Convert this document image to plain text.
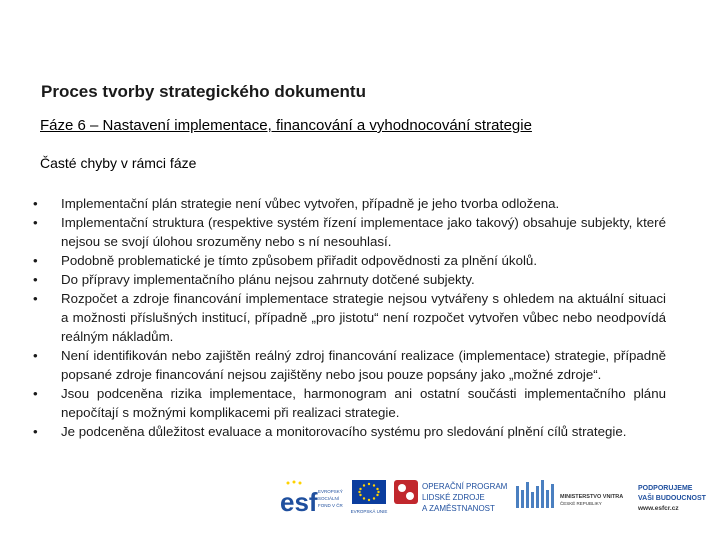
Proces tvorby strategického dokumentu
Fáze 6 – Nastavení implementace, financování a vyhodnocování strategie
Časté chyby v rámci fáze
• Implementační plán strategie není vůbec vytvořen, případně je jeho tvorba odložena.
• Implementační struktura (respektive systém řízení implementace jako takový) obsahuje subjekty, které nejsou se svojí úlohou srozuměny nebo s ní nesouhlasí.
• Podobně problematické je tímto způsobem přiřadit odpovědnosti za plnění úkolů.
• Do přípravy implementačního plánu nejsou zahrnuty dotčené subjekty.
• Rozpočet a zdroje financování implementace strategie nejsou vytvářeny s ohledem na aktuální situaci a možnosti příslušných institucí, případně „pro jistotu“ není rozpočet vytvořen vůbec nebo neodpovídá reálným nákladům.
• Není identifikován nebo zajištěn reálný zdroj financování realizace (implementace) strategie, případně popsané zdroje financování nejsou zajištěny nebo jsou pouze popsány jako „možné zdroje“.
• Jsou podceněna rizika implementace, harmonogram ani ostatní součásti implementačního plánu nepočítají s možnými komplikacemi při realizaci strategie.
• Je podceněna důležitost evaluace a monitorovacího systému pro sledování plnění cílů strategie.
esf EVROPSKÝ
SOCIÁLNÍ
FOND V ČR
EVROPSKÁ UNIE
OPERAČNÍ PROGRAM
LIDSKÉ ZDROJE
A ZAMĚSTNANOST
MINISTERSTVO VNITRA
ČESKÉ REPUBLIKY
PODPORUJEME
VAŠI BUDOUCNOST
www.esfcr.cz
